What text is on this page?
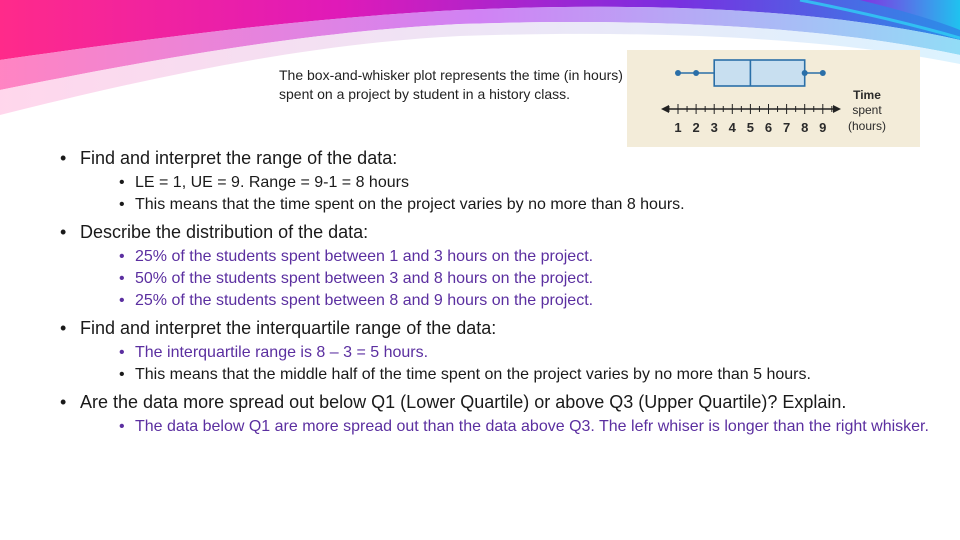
The box-and-whisker plot represents the time (in hours) spent on a project by student in a history class.
1 2 3 4 5 6 7 8 9
Time
spent
(hours)
• Find and interpret the range of the data:
• LE = 1, UE = 9. Range = 9-1 = 8 hours
• This means that the time spent on the project varies by no more than 8 hours.
• Describe the distribution of the data:
• 25% of the students spent between 1 and 3 hours on the project.
• 50% of the students spent between 3 and 8 hours on the project.
• 25% of the students spent between 8 and 9 hours on the project.
• Find and interpret the interquartile range of the data:
• The interquartile range is 8 – 3 = 5 hours.
• This means that the middle half of the time spent on the project varies by no more than 5 hours.
• Are the data more spread out below Q1 (Lower Quartile) or above Q3 (Upper Quartile)? Explain.
• The data below Q1 are more spread out than the data above Q3. The lefr whiser is longer than the right whisker.
